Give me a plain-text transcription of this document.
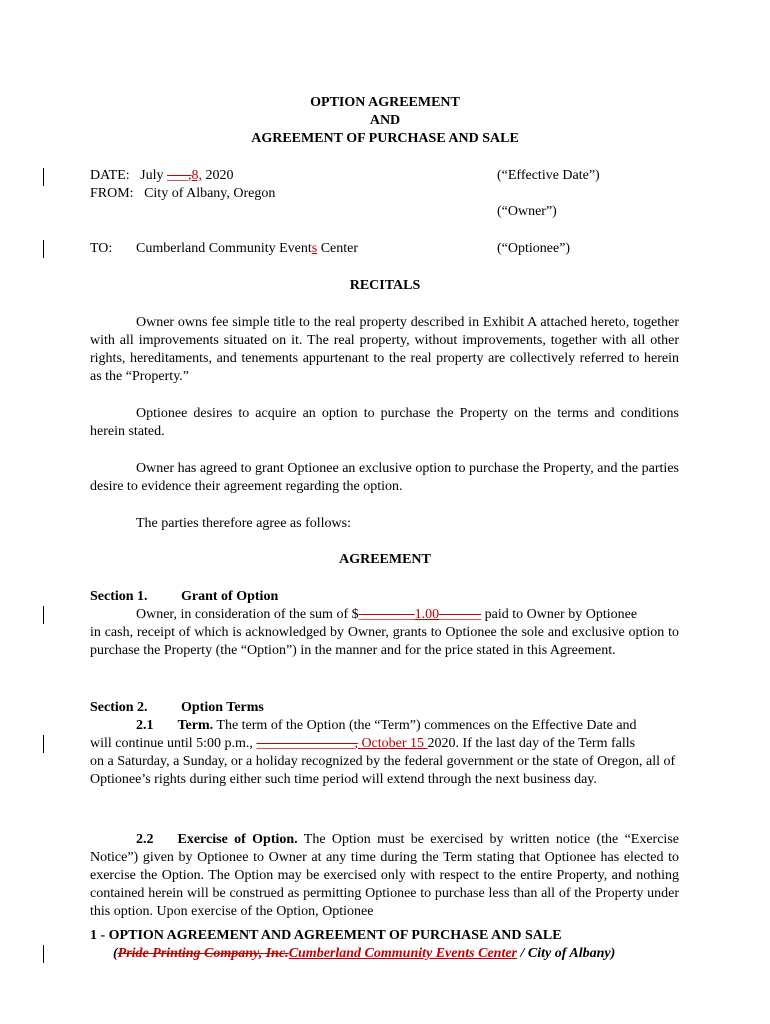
OPTION AGREEMENT
AND
AGREEMENT OF PURCHASE AND SALE
DATE: July ___,8, 2020	(“Effective Date”)
FROM: City of Albany, Oregon
(“Owner”)
TO: Cumberland Community Events Center	(“Optionee”)
RECITALS
Owner owns fee simple title to the real property described in Exhibit A attached hereto, together with all improvements situated on it. The real property, without improvements, together with all other rights, hereditaments, and tenements appurtenant to the real property are collectively referred to herein as the “Property.”
Optionee desires to acquire an option to purchase the Property on the terms and conditions herein stated.
Owner has agreed to grant Optionee an exclusive option to purchase the Property, and the parties desire to evidence their agreement regarding the option.
The parties therefore agree as follows:
AGREEMENT
Section 1. Grant of Option
Owner, in consideration of the sum of $________1.00______ paid to Owner by Optionee
in cash, receipt of which is acknowledged by Owner, grants to Optionee the sole and exclusive option to purchase the Property (the “Option”) in the manner and for the price stated in this Agreement.
Section 2. Option Terms
2.1 Term. The term of the Option (the “Term”) commences on the Effective Date and
will continue until 5:00 p.m., ______________, October 15 2020. If the last day of the Term falls
on a Saturday, a Sunday, or a holiday recognized by the federal government or the state of Oregon, all of Optionee’s rights during either such time period will extend through the next business day.
2.2 Exercise of Option. The Option must be exercised by written notice (the “Exercise Notice”) given by Optionee to Owner at any time during the Term stating that Optionee has elected to exercise the Option. The Option may be exercised only with respect to the entire Property, and nothing contained herein will be construed as permitting Optionee to purchase less than all of the Property under this option. Upon exercise of the Option, Optionee
1 - OPTION AGREEMENT AND AGREEMENT OF PURCHASE AND SALE
(Pride Printing Company, Inc.Cumberland Community Events Center / City of Albany)
